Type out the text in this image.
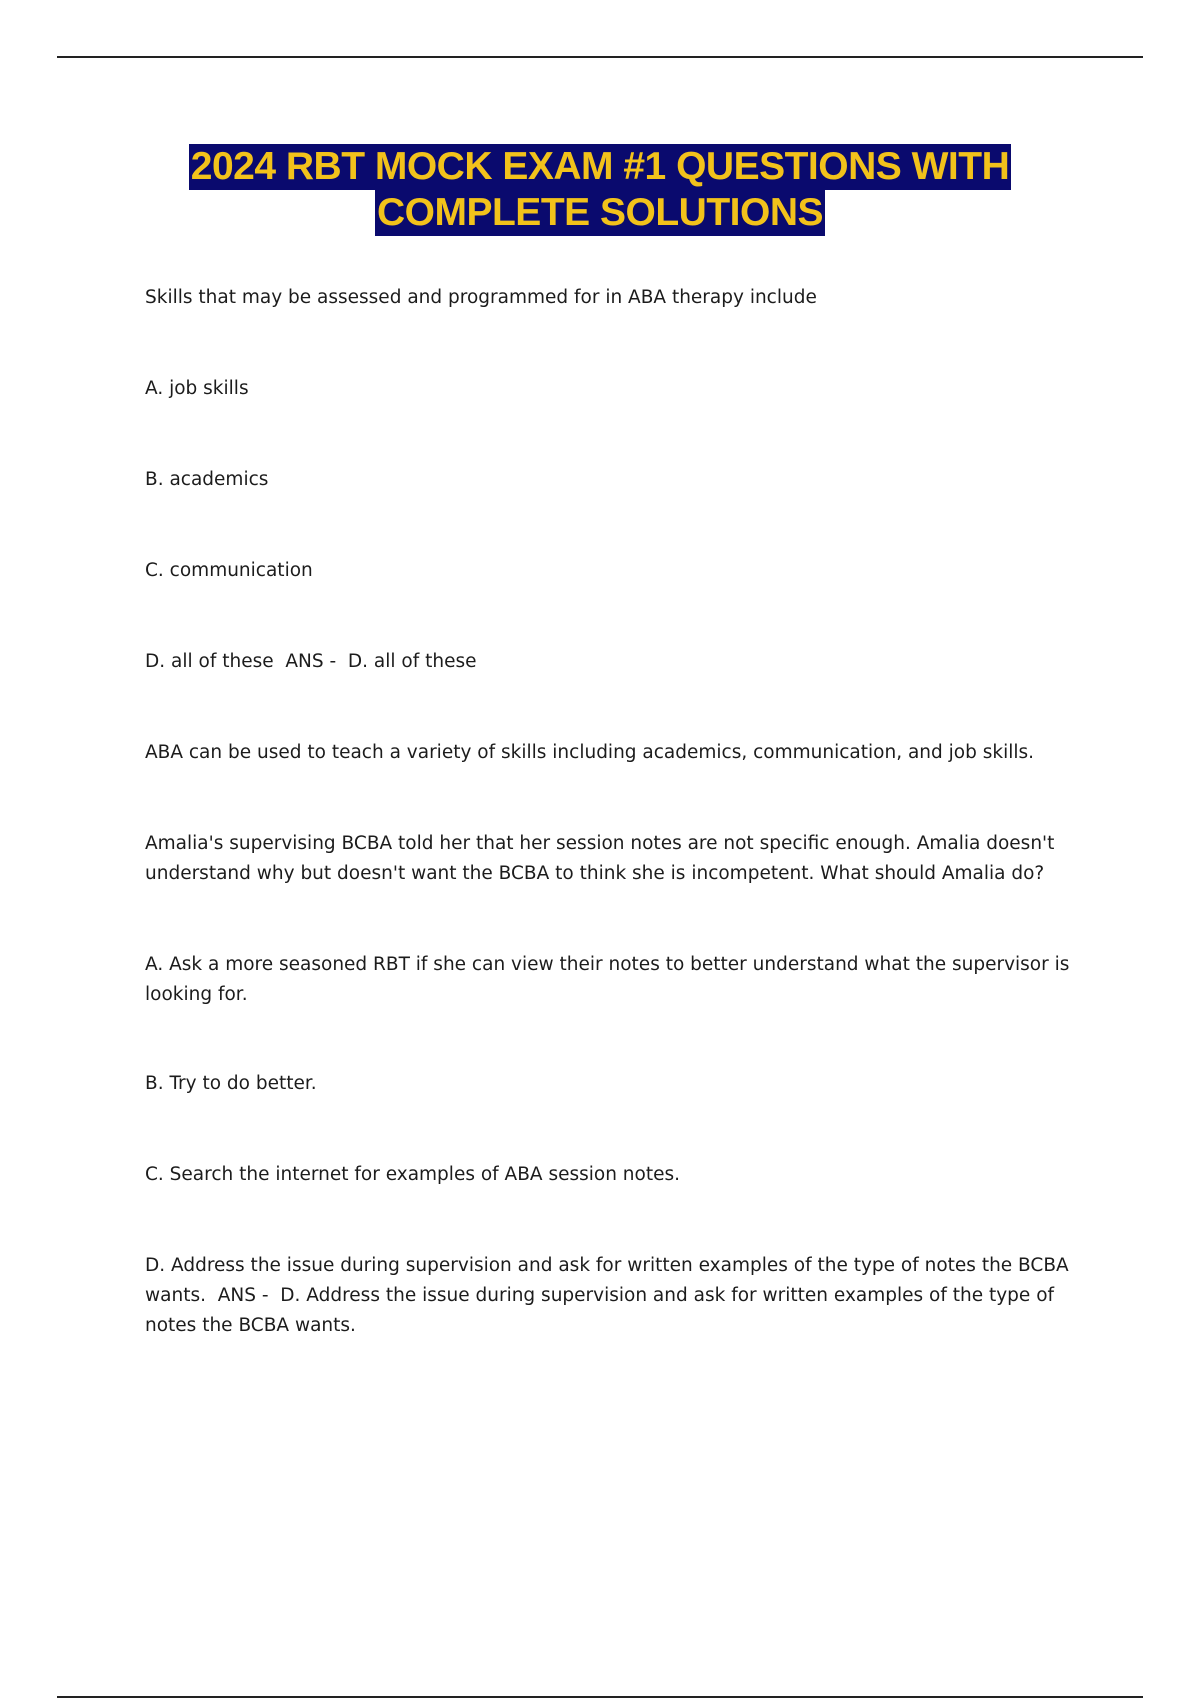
2024 RBT MOCK EXAM #1 QUESTIONS WITH
COMPLETE SOLUTIONS

Skills that may be assessed and programmed for in ABA therapy include

A. job skills

B. academics

C. communication

D. all of these  ANS -  D. all of these

ABA can be used to teach a variety of skills including academics, communication, and job skills.

Amalia's supervising BCBA told her that her session notes are not specific enough. Amalia doesn't understand why but doesn't want the BCBA to think she is incompetent. What should Amalia do?

A. Ask a more seasoned RBT if she can view their notes to better understand what the supervisor is looking for.

B. Try to do better.

C. Search the internet for examples of ABA session notes.

D. Address the issue during supervision and ask for written examples of the type of notes the BCBA wants.  ANS -  D. Address the issue during supervision and ask for written examples of the type of notes the BCBA wants.
